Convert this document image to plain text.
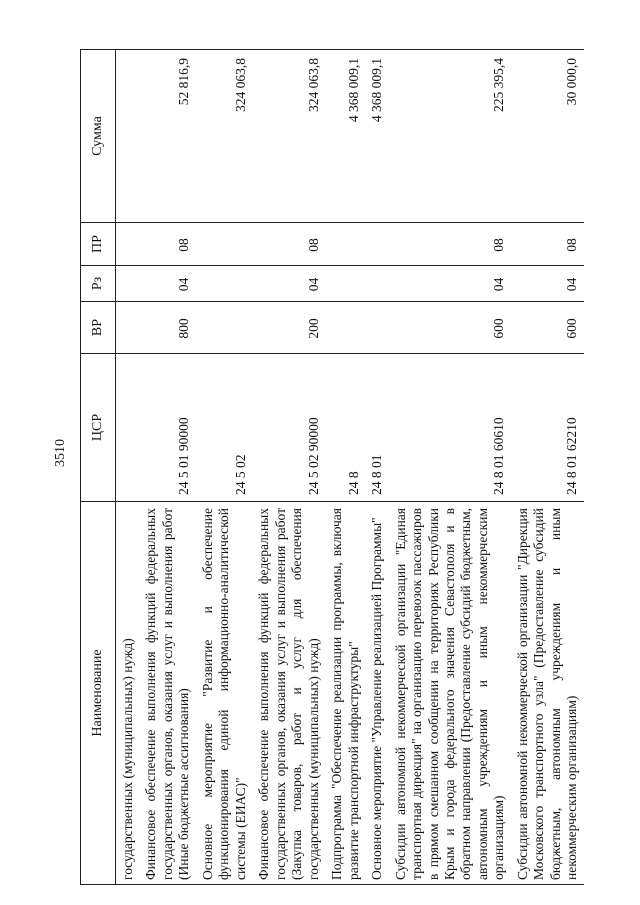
3510
Наименование	ЦСР	ВР	Рз	ПР	Сумма
государственных (муниципальных) нужд)					
Финансовое обеспечение выполнения функций федеральных государственных органов, оказания услуг и выполнения работ (Иные бюджетные ассигнования)	24 5 01 90000	800	04	08	52 816,9
Основное мероприятие "Развитие и обеспечение функционирования единой информационно-аналитической системы (ЕИАС)"	24 5 02				324 063,8
Финансовое обеспечение выполнения функций федеральных государственных органов, оказания услуг и выполнения работ (Закупка товаров, работ и услуг для обеспечения государственных (муниципальных) нужд)	24 5 02 90000	200	04	08	324 063,8
Подпрограмма "Обеспечение реализации программы, включая развитие транспортной инфраструктуры"	24 8				4 368 009,1
Основное мероприятие "Управление реализацией Программы"	24 8 01				4 368 009,1
Субсидии автономной некоммерческой организации "Единая транспортная дирекция" на организацию перевозок пассажиров в прямом смешанном сообщении на территориях Республики Крым и города федерального значения Севастополя и в обратном направлении (Предоставление субсидий бюджетным, автономным учреждениям и иным некоммерческим организациям)	24 8 01 60610	600	04	08	225 395,4
Субсидии автономной некоммерческой организации "Дирекция Московского транспортного узла" (Предоставление субсидий бюджетным, автономным учреждениям и иным некоммерческим организациям)	24 8 01 62210	600	04	08	30 000,0
